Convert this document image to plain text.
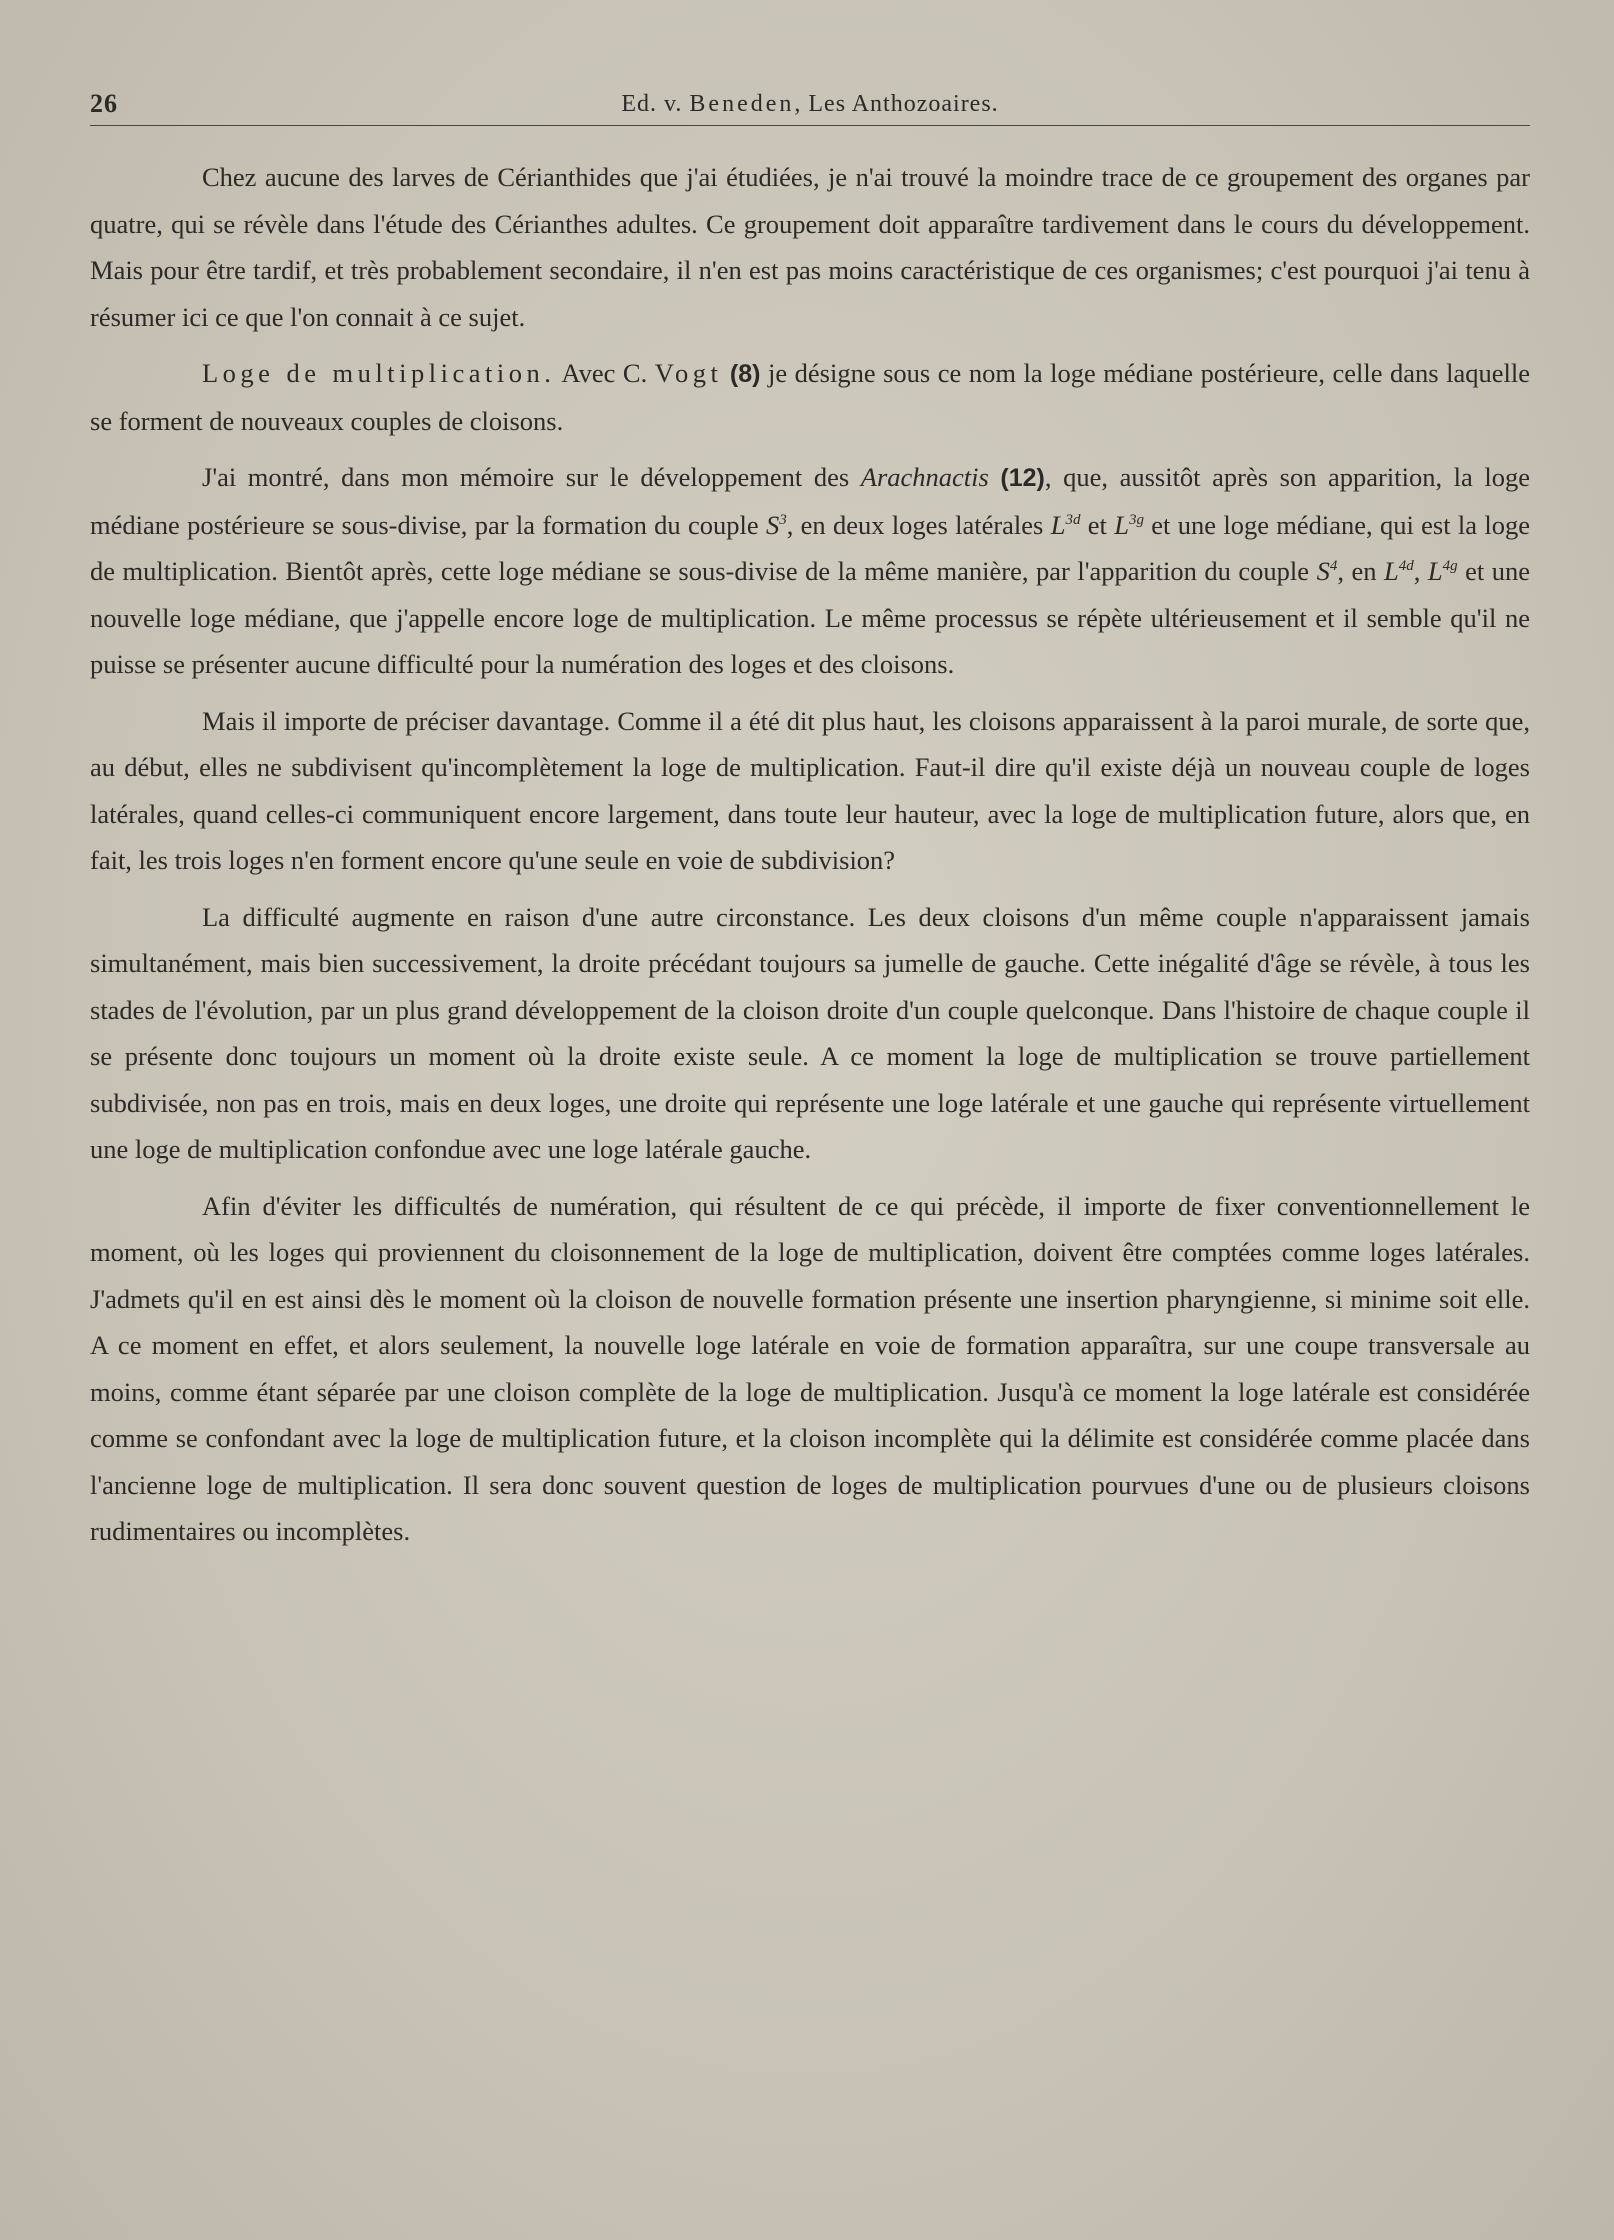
26	Ed. v. Beneden, Les Anthozoaires.

Chez aucune des larves de Cérianthides que j'ai étudiées, je n'ai trouvé la moindre trace de ce groupement des organes par quatre, qui se révèle dans l'étude des Cérianthes adultes. Ce groupement doit apparaître tardivement dans le cours du développement. Mais pour être tardif, et très probablement secondaire, il n'en est pas moins caractéristique de ces organismes; c'est pourquoi j'ai tenu à résumer ici ce que l'on connait à ce sujet.

Loge de multiplication. Avec C. Vogt (8) je désigne sous ce nom la loge médiane postérieure, celle dans laquelle se forment de nouveaux couples de cloisons.

J'ai montré, dans mon mémoire sur le développement des Arachnactis (12), que, aussitôt après son apparition, la loge médiane postérieure se sous-divise, par la formation du couple $S^3$, en deux loges latérales $L^{3d}$ et $L^{3g}$ et une loge médiane, qui est la loge de multiplication. Bientôt après, cette loge médiane se sous-divise de la même manière, par l'apparition du couple $S^4$, en $L^{4d}$, $L^{4g}$ et une nouvelle loge médiane, que j'appelle encore loge de multiplication. Le même processus se répète ultérieusement et il semble qu'il ne puisse se présenter aucune difficulté pour la numération des loges et des cloisons.

Mais il importe de préciser davantage. Comme il a été dit plus haut, les cloisons apparaissent à la paroi murale, de sorte que, au début, elles ne subdivisent qu'incomplètement la loge de multiplication. Faut-il dire qu'il existe déjà un nouveau couple de loges latérales, quand celles-ci communiquent encore largement, dans toute leur hauteur, avec la loge de multiplication future, alors que, en fait, les trois loges n'en forment encore qu'une seule en voie de subdivision?

La difficulté augmente en raison d'une autre circonstance. Les deux cloisons d'un même couple n'apparaissent jamais simultanément, mais bien successivement, la droite précédant toujours sa jumelle de gauche. Cette inégalité d'âge se révèle, à tous les stades de l'évolution, par un plus grand développement de la cloison droite d'un couple quelconque. Dans l'histoire de chaque couple il se présente donc toujours un moment où la droite existe seule. A ce moment la loge de multiplication se trouve partiellement subdivisée, non pas en trois, mais en deux loges, une droite qui représente une loge latérale et une gauche qui représente virtuellement une loge de multiplication confondue avec une loge latérale gauche.

Afin d'éviter les difficultés de numération, qui résultent de ce qui précède, il importe de fixer conventionnellement le moment, où les loges qui proviennent du cloisonnement de la loge de multiplication, doivent être comptées comme loges latérales. J'admets qu'il en est ainsi dès le moment où la cloison de nouvelle formation présente une insertion pharyngienne, si minime soit elle. A ce moment en effet, et alors seulement, la nouvelle loge latérale en voie de formation apparaîtra, sur une coupe transversale au moins, comme étant séparée par une cloison complète de la loge de multiplication. Jusqu'à ce moment la loge latérale est considérée comme se confondant avec la loge de multiplication future, et la cloison incomplète qui la délimite est considérée comme placée dans l'ancienne loge de multiplication. Il sera donc souvent question de loges de multiplication pourvues d'une ou de plusieurs cloisons rudimentaires ou incomplètes.
